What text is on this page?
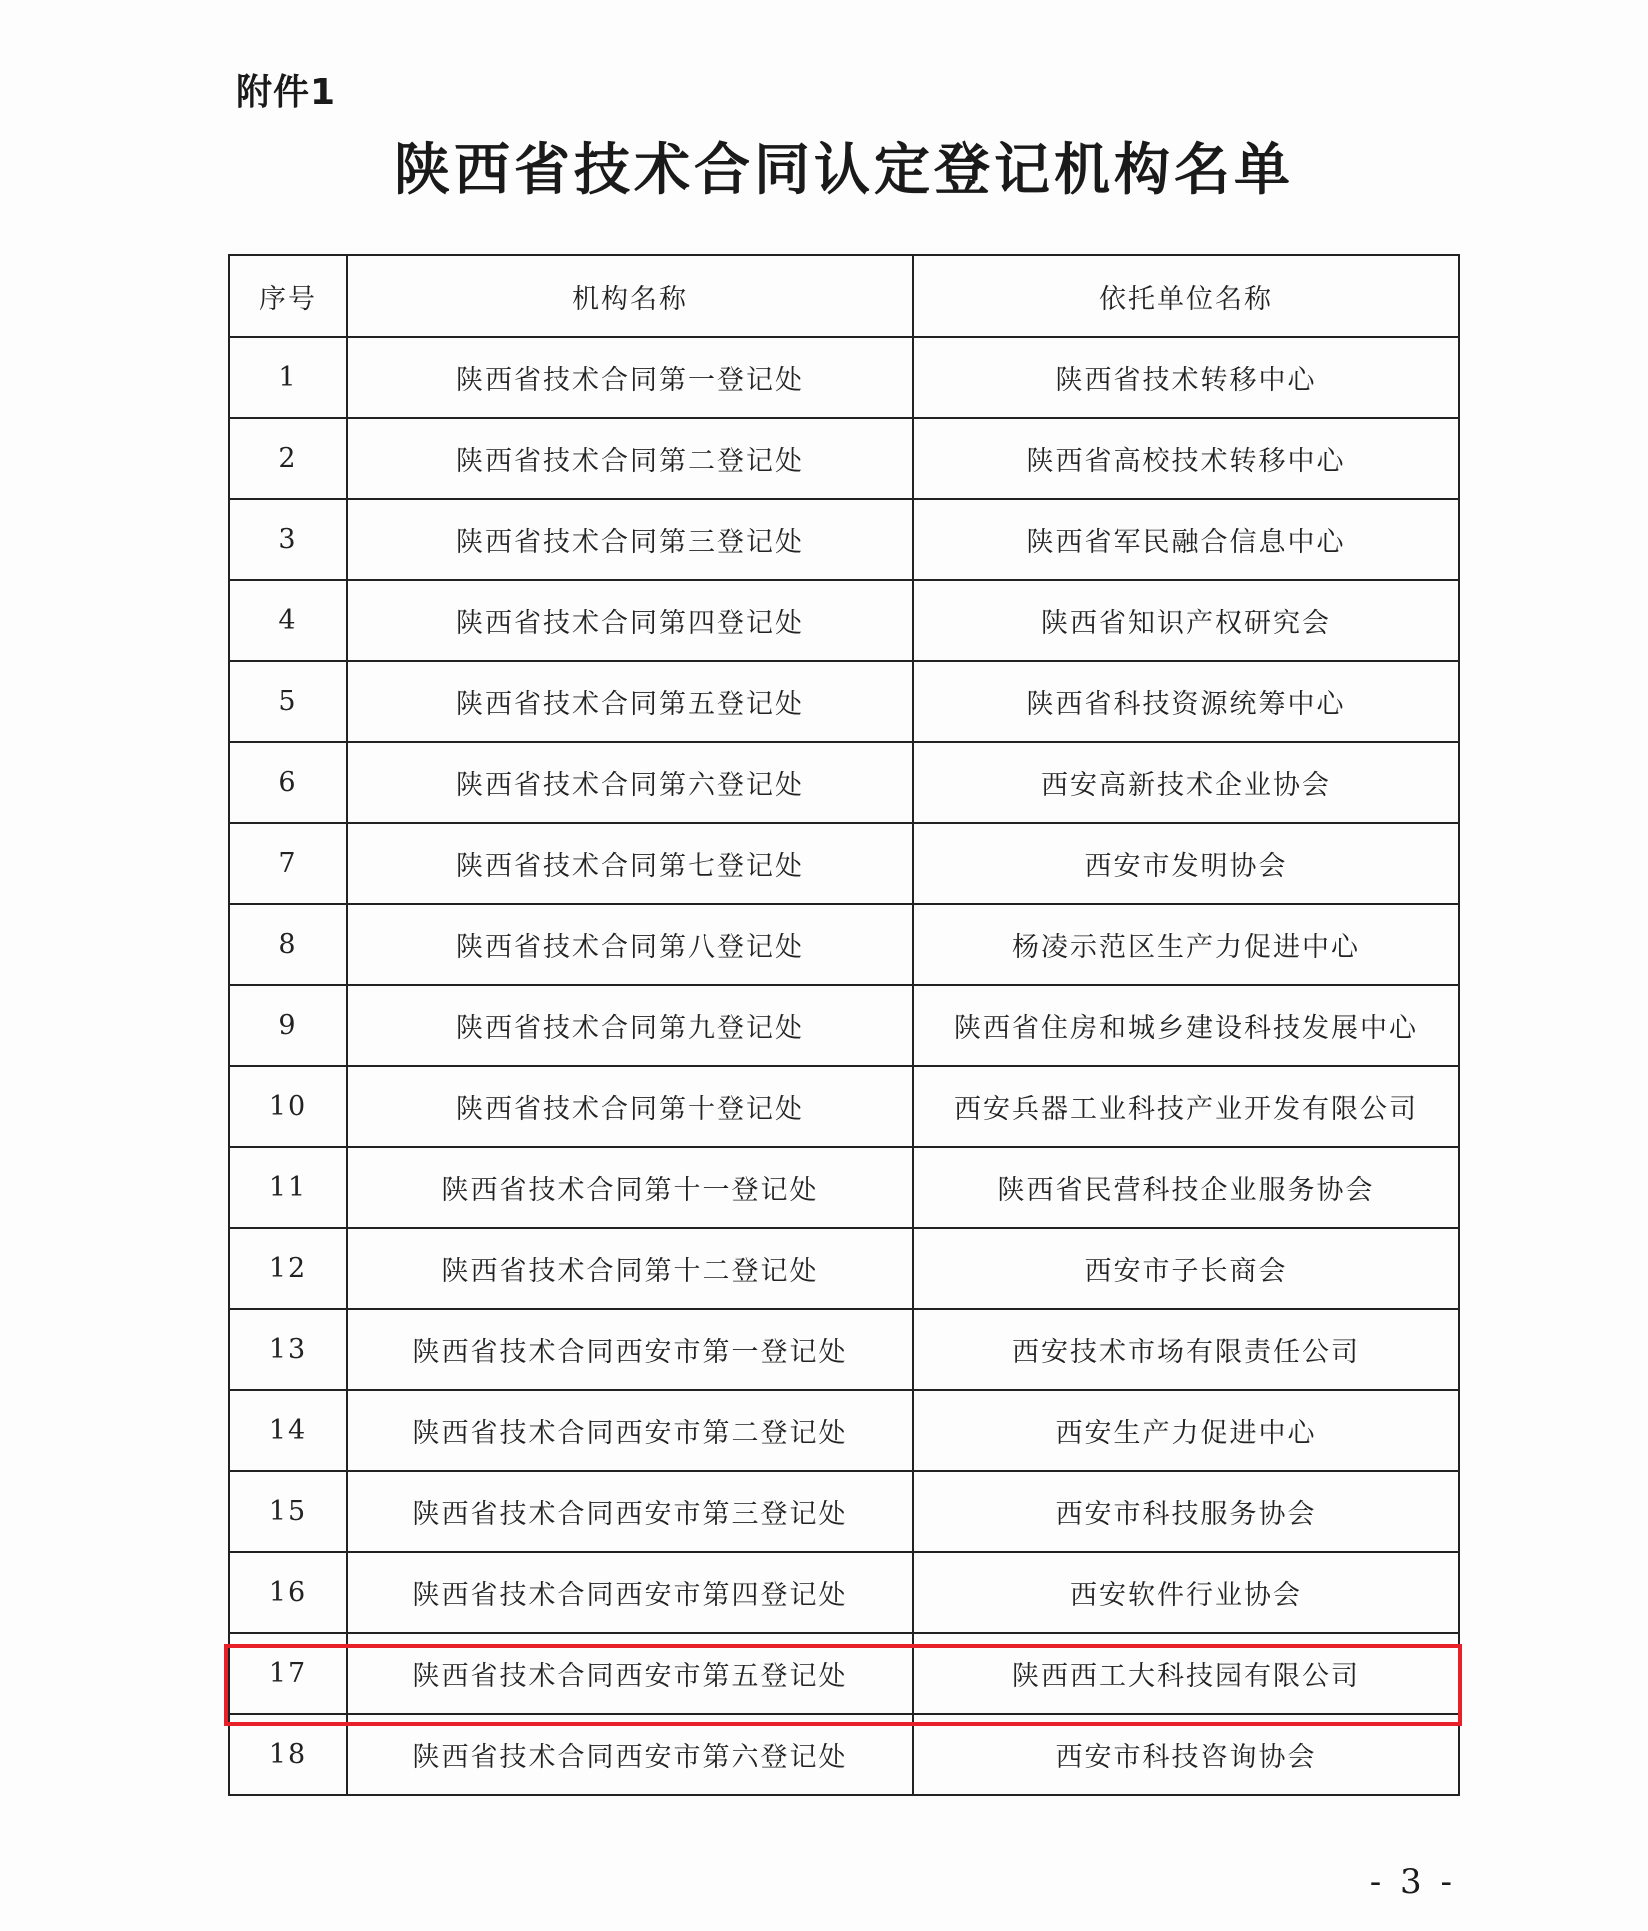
附件1
陕西省技术合同认定登记机构名单
序号	机构名称	依托单位名称
1	陕西省技术合同第一登记处	陕西省技术转移中心
2	陕西省技术合同第二登记处	陕西省高校技术转移中心
3	陕西省技术合同第三登记处	陕西省军民融合信息中心
4	陕西省技术合同第四登记处	陕西省知识产权研究会
5	陕西省技术合同第五登记处	陕西省科技资源统筹中心
6	陕西省技术合同第六登记处	西安高新技术企业协会
7	陕西省技术合同第七登记处	西安市发明协会
8	陕西省技术合同第八登记处	杨凌示范区生产力促进中心
9	陕西省技术合同第九登记处	陕西省住房和城乡建设科技发展中心
10	陕西省技术合同第十登记处	西安兵器工业科技产业开发有限公司
11	陕西省技术合同第十一登记处	陕西省民营科技企业服务协会
12	陕西省技术合同第十二登记处	西安市子长商会
13	陕西省技术合同西安市第一登记处	西安技术市场有限责任公司
14	陕西省技术合同西安市第二登记处	西安生产力促进中心
15	陕西省技术合同西安市第三登记处	西安市科技服务协会
16	陕西省技术合同西安市第四登记处	西安软件行业协会
17	陕西省技术合同西安市第五登记处	陕西西工大科技园有限公司
18	陕西省技术合同西安市第六登记处	西安市科技咨询协会
- 3 -
